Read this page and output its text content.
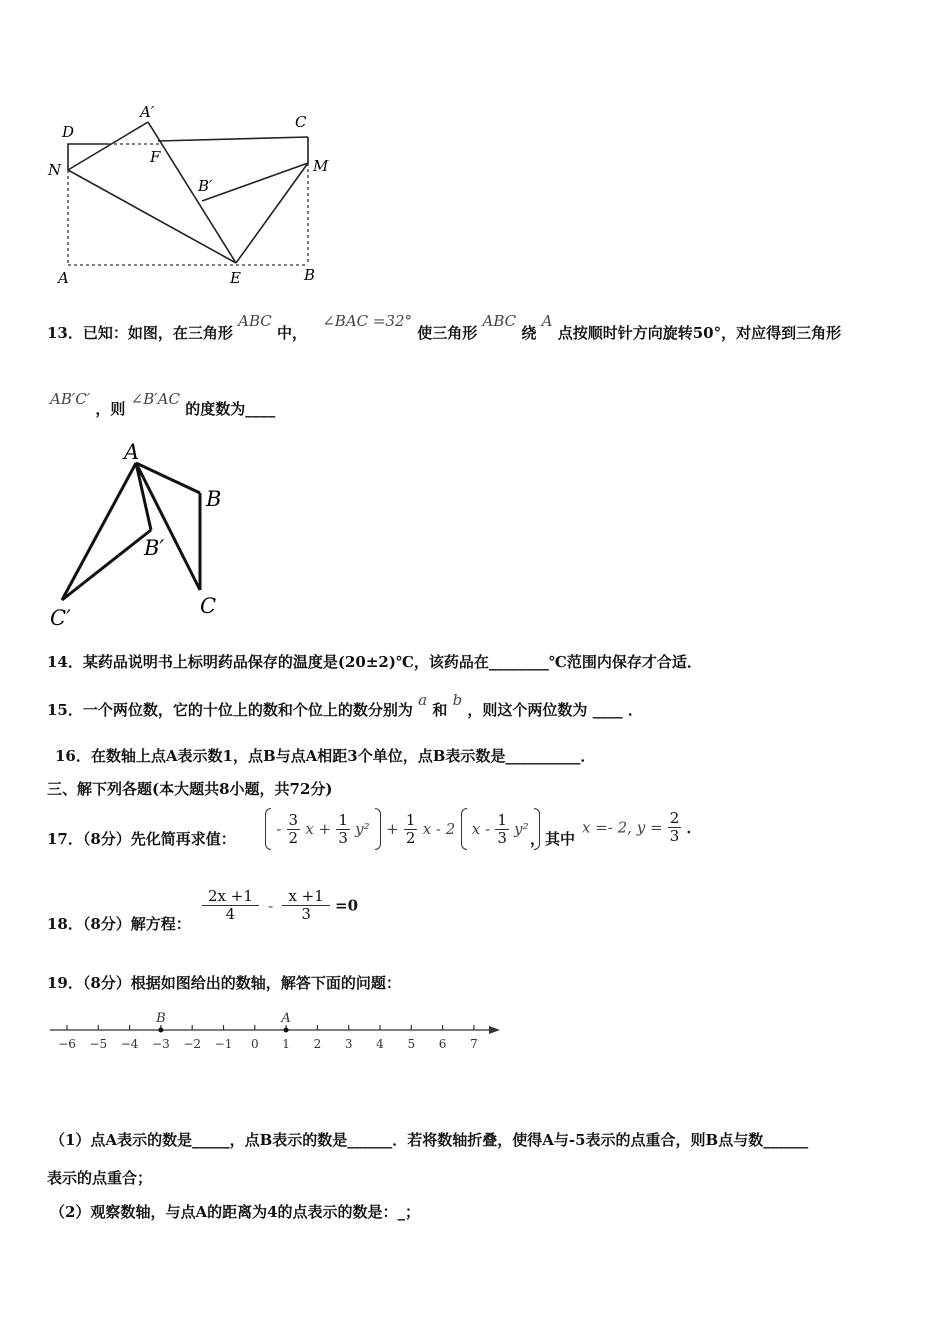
D
A′
C
F
N	M
B′
A	E	B
13．已知：如图，在三角形 ABC 中， ∠BAC =32° 使三角形 ABC 绕 A 点按顺时针方向旋转50°，对应得到三角形
AB′C′ ，则 ∠B′AC 的度数为____
A
B
B′
C′	C
14．某药品说明书上标明药品保存的温度是(20±2)℃，该药品在________℃范围内保存才合适．
15．一个两位数，它的十位上的数和个位上的数分别为 a 和 b ，则这个两位数为 ____ ．
16．在数轴上点A表示数1，点B与点A相距3个单位，点B表示数是__________．
三、解下列各题(本大题共8小题，共72分)
17．（8分）先化简再求值：
- $\frac{3}{2}$ $x + \frac{1}{3} y^2 + \frac{1}{2}$ x - 2 x - $\frac{1}{3} y^2$
，其中
x =- 2, $y = \frac{2}{3}$ ．
18．（8分）解方程：
$\frac{2x +1}{4} - \frac{x +1}{3} =0$
19．（8分）根据如图给出的数轴，解答下面的问题：
−6 −5 −4 −3 −2 −1 0 1 2 3 4 5 6 7
B	A
（1）点A表示的数是_____，点B表示的数是______．若将数轴折叠，使得A与-5表示的点重合，则B点与数______
表示的点重合；
（2）观察数轴，与点A的距离为4的点表示的数是：_；
